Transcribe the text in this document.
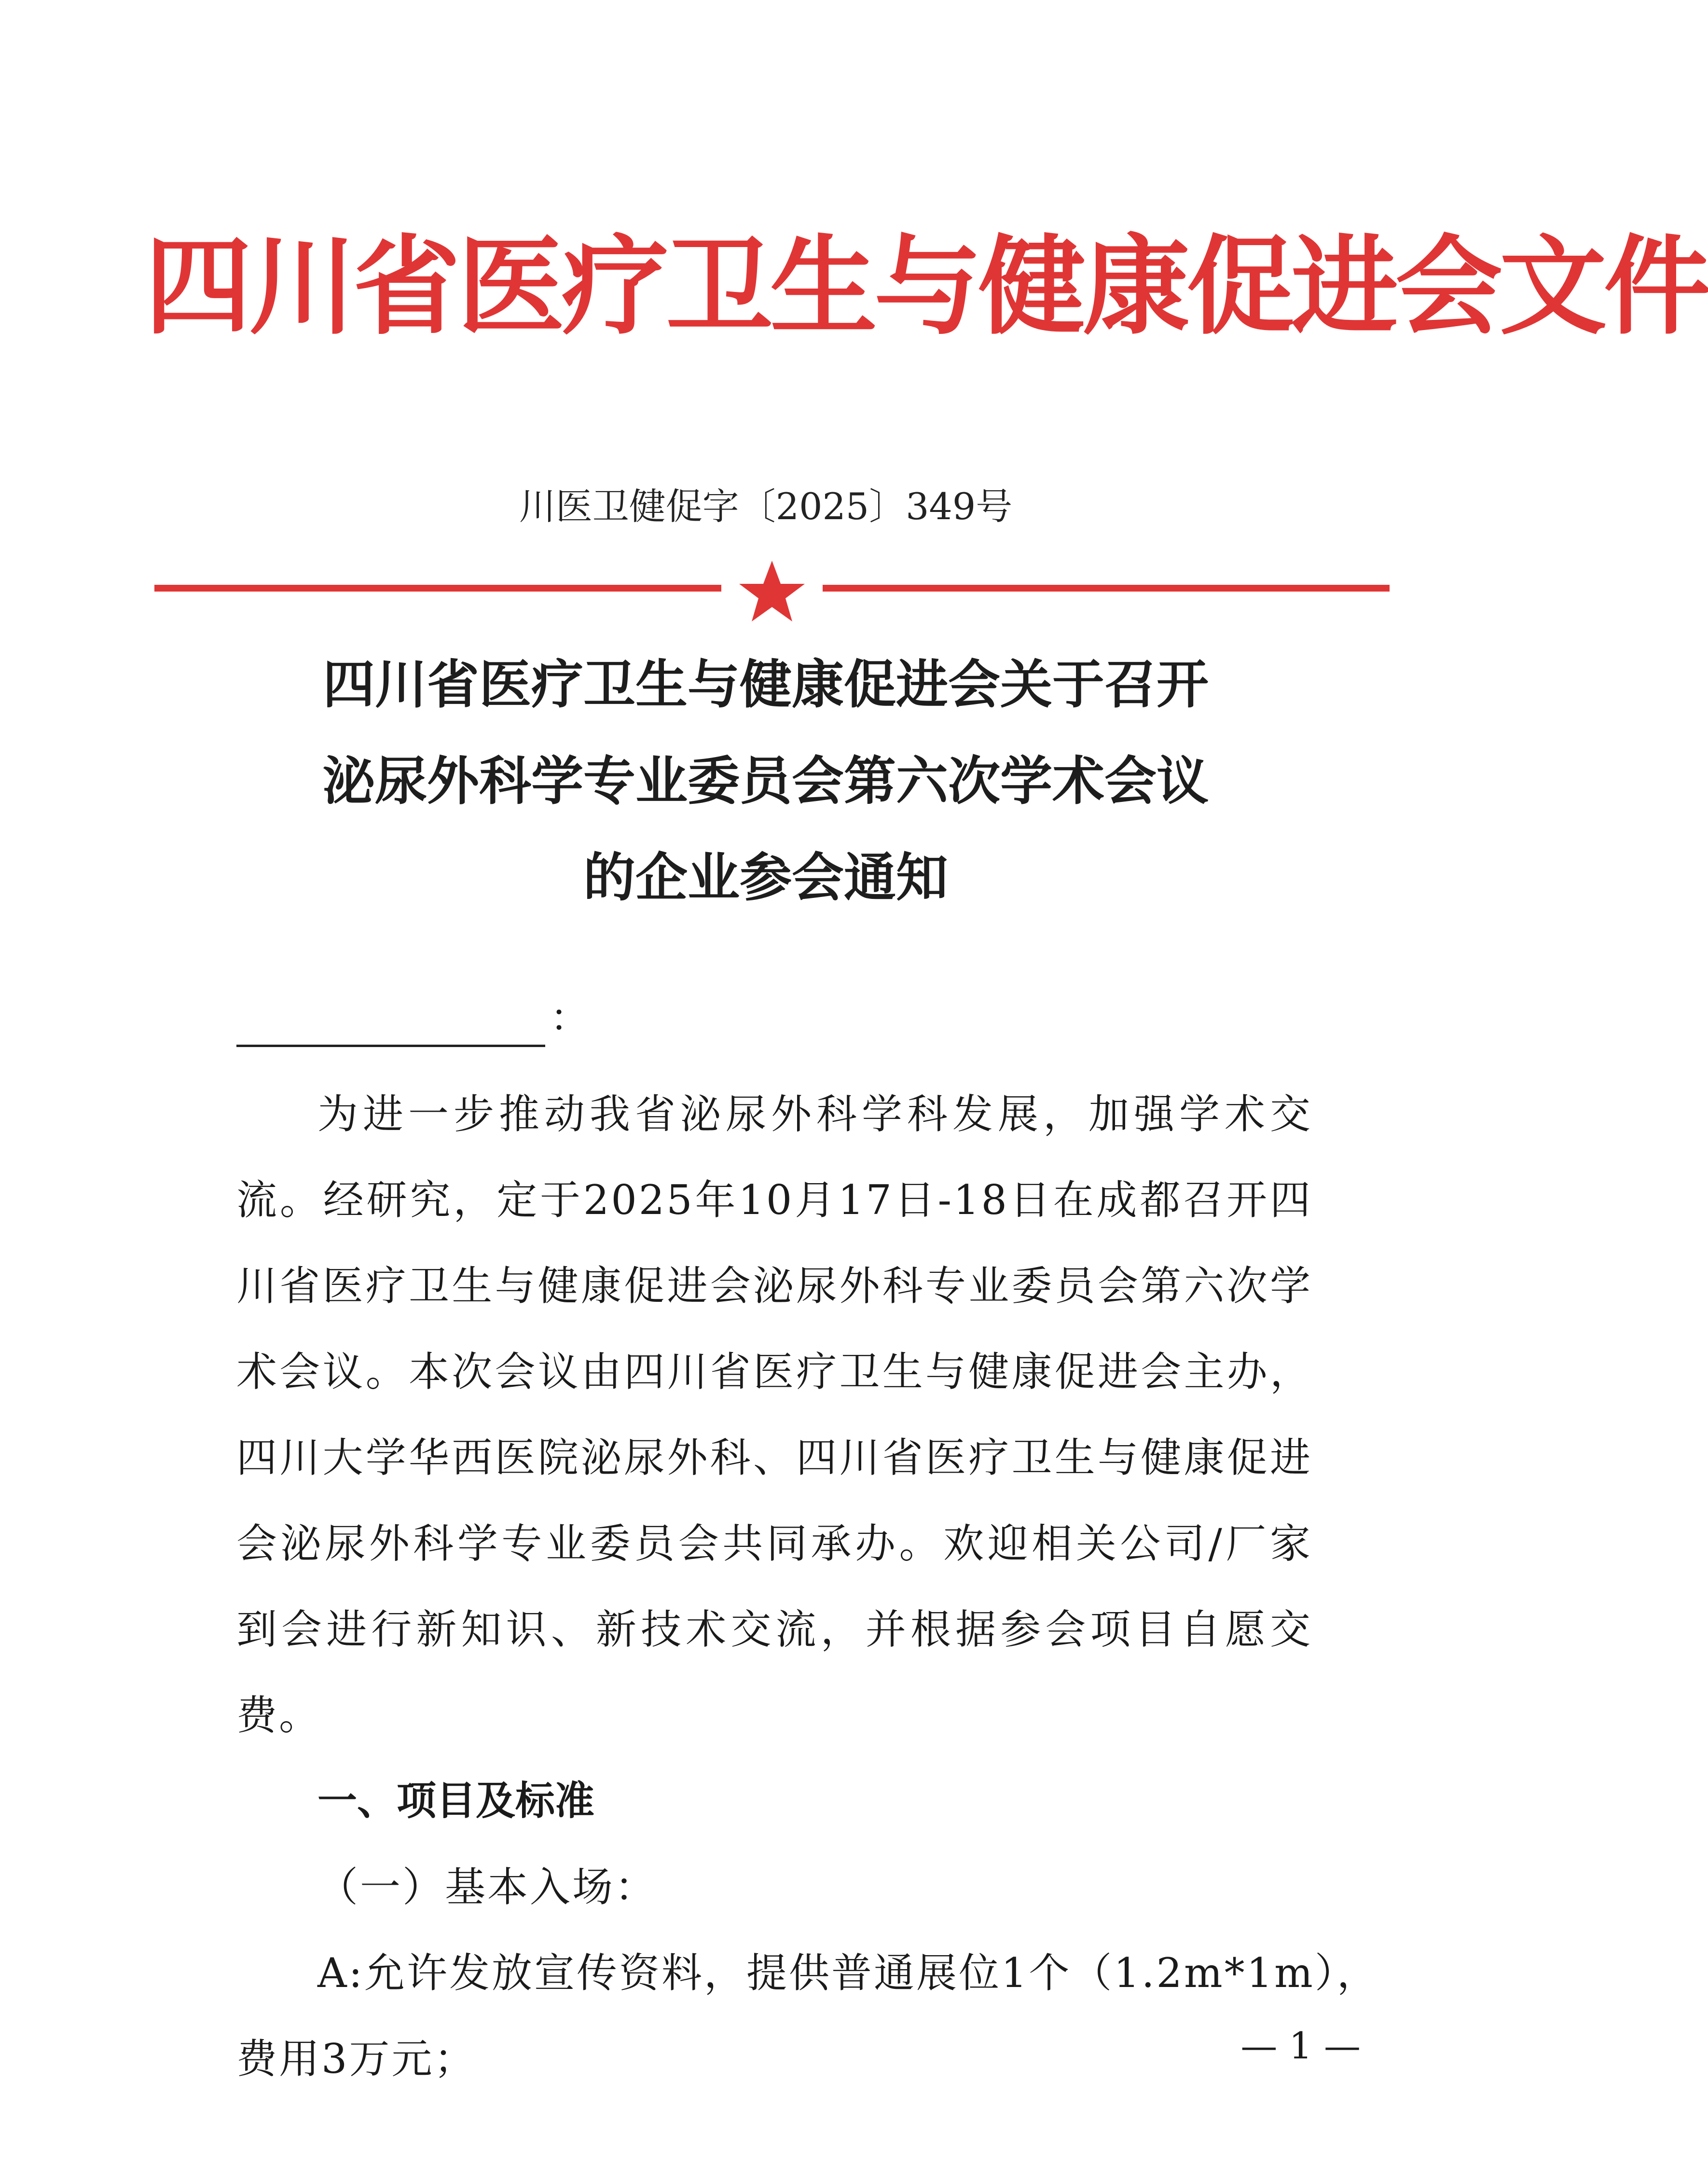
四川省医疗卫生与健康促进会文件
川医卫健促字〔2025〕349号
四川省医疗卫生与健康促进会关于召开
泌尿外科学专业委员会第六次学术会议
的企业参会通知
：

为进一步推动我省泌尿外科学科发展，加强学术交流。经研究，定于2025年10月17日-18日在成都召开四川省医疗卫生与健康促进会泌尿外科专业委员会第六次学术会议。本次会议由四川省医疗卫生与健康促进会主办，四川大学华西医院泌尿外科、四川省医疗卫生与健康促进会泌尿外科学专业委员会共同承办。欢迎相关公司/厂家到会进行新知识、新技术交流，并根据参会项目自愿交费。

一、项目及标准
（一）基本入场：
A:允许发放宣传资料，提供普通展位1个（1.2m*1m），
费用3万元；	— 1 —
